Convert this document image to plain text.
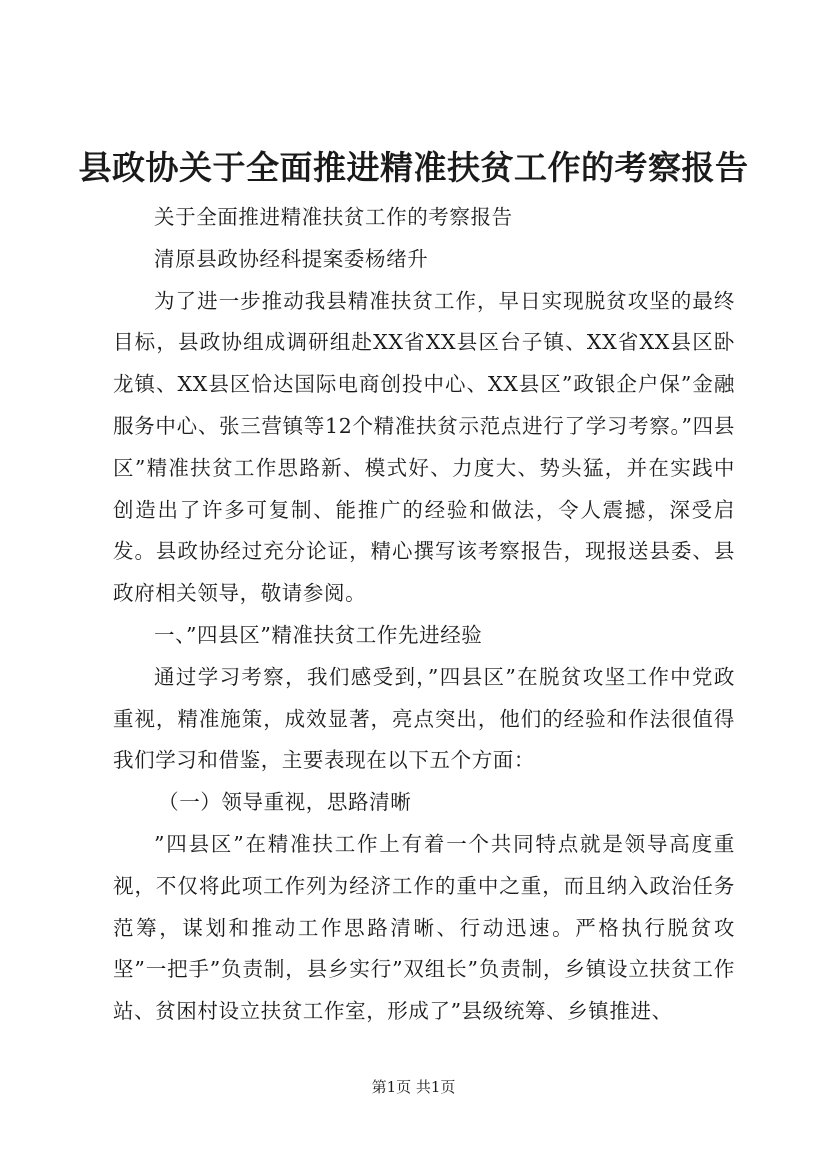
县政协关于全面推进精准扶贫工作的考察报告

关于全面推进精准扶贫工作的考察报告

清原县政协经科提案委杨绪升

为了进一步推动我县精准扶贫工作，早日实现脱贫攻坚的最终目标，县政协组成调研组赴XX省XX县区台子镇、XX省XX县区卧龙镇、XX县区恰达国际电商创投中心、XX县区”政银企户保”金融服务中心、张三营镇等12个精准扶贫示范点进行了学习考察。”四县区”精准扶贫工作思路新、模式好、力度大、势头猛，并在实践中创造出了许多可复制、能推广的经验和做法，令人震撼，深受启发。县政协经过充分论证，精心撰写该考察报告，现报送县委、县政府相关领导，敬请参阅。

一、”四县区”精准扶贫工作先进经验

通过学习考察，我们感受到，”四县区”在脱贫攻坚工作中党政重视，精准施策，成效显著，亮点突出，他们的经验和作法很值得我们学习和借鉴，主要表现在以下五个方面：

（一）领导重视，思路清晰

”四县区”在精准扶工作上有着一个共同特点就是领导高度重视，不仅将此项工作列为经济工作的重中之重，而且纳入政治任务范筹，谋划和推动工作思路清晰、行动迅速。严格执行脱贫攻坚”一把手”负责制，县乡实行”双组长”负责制，乡镇设立扶贫工作站、贫困村设立扶贫工作室，形成了”县级统筹、乡镇推进、

第1页 共1页
